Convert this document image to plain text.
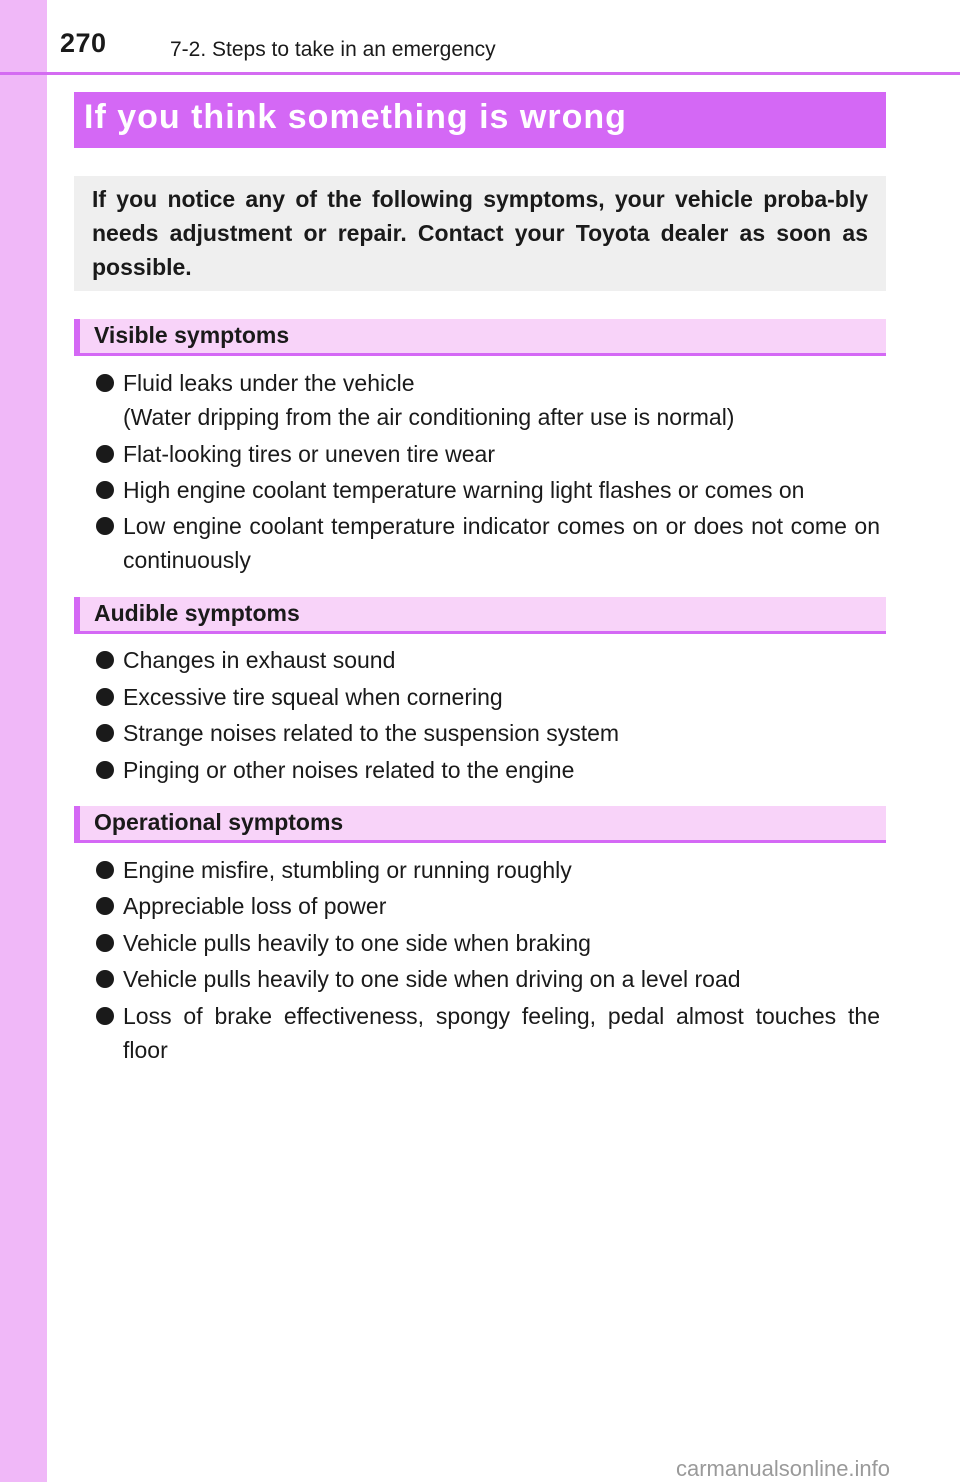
270	7-2. Steps to take in an emergency
If you think something is wrong

If you notice any of the following symptoms, your vehicle proba-bly needs adjustment or repair. Contact your Toyota dealer as soon as possible.

Visible symptoms
Fluid leaks under the vehicle
(Water dripping from the air conditioning after use is normal)
Flat-looking tires or uneven tire wear
High engine coolant temperature warning light flashes or comes on
Low engine coolant temperature indicator comes on or does not come on continuously
Audible symptoms
Changes in exhaust sound
Excessive tire squeal when cornering
Strange noises related to the suspension system
Pinging or other noises related to the engine
Operational symptoms
Engine misfire, stumbling or running roughly
Appreciable loss of power
Vehicle pulls heavily to one side when braking
Vehicle pulls heavily to one side when driving on a level road
Loss of brake effectiveness, spongy feeling, pedal almost touches the floor
carmanualsonline.info
